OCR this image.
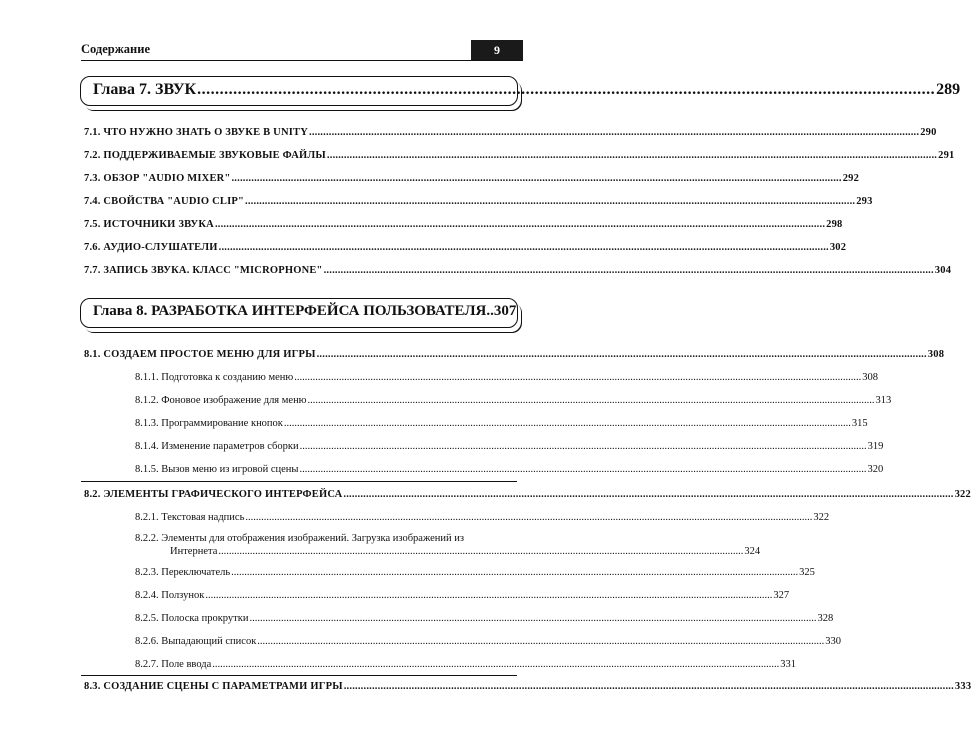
Содержание	9
Глава 7. ЗВУК .....	289
7.1. ЧТО НУЖНО ЗНАТЬ О ЗВУКЕ В UNITY .....	290
7.2. ПОДДЕРЖИВАЕМЫЕ ЗВУКОВЫЕ ФАЙЛЫ .....	291
7.3. ОБЗОР "AUDIO MIXER" .....	292
7.4. СВОЙСТВА "AUDIO CLIP" .....	293
7.5. ИСТОЧНИКИ ЗВУКА .....	298
7.6. АУДИО-СЛУШАТЕЛИ .....	302
7.7. ЗАПИСЬ ЗВУКА. КЛАСС "MICROPHONE" .....	304
Глава 8. РАЗРАБОТКА ИНТЕРФЕЙСА ПОЛЬЗОВАТЕЛЯ.. 307
8.1. СОЗДАЕМ ПРОСТОЕ МЕНЮ ДЛЯ ИГРЫ .....	308
8.1.1. Подготовка к созданию меню .....	308
8.1.2. Фоновое изображение для меню .....	313
8.1.3. Программирование кнопок .....	315
8.1.4. Изменение параметров сборки .....	319
8.1.5. Вызов меню из игровой сцены .....	320
8.2. ЭЛЕМЕНТЫ ГРАФИЧЕСКОГО ИНТЕРФЕЙСА .....	322
8.2.1. Текстовая надпись .....	322
8.2.2. Элементы для отображения изображений. Загрузка изображений из
Интернета .....	324
8.2.3. Переключатель .....	325
8.2.4. Ползунок .....	327
8.2.5. Полоска прокрутки .....	328
8.2.6. Выпадающий список .....	330
8.2.7. Поле ввода .....	331
8.3. СОЗДАНИЕ СЦЕНЫ С ПАРАМЕТРАМИ ИГРЫ .....	333
